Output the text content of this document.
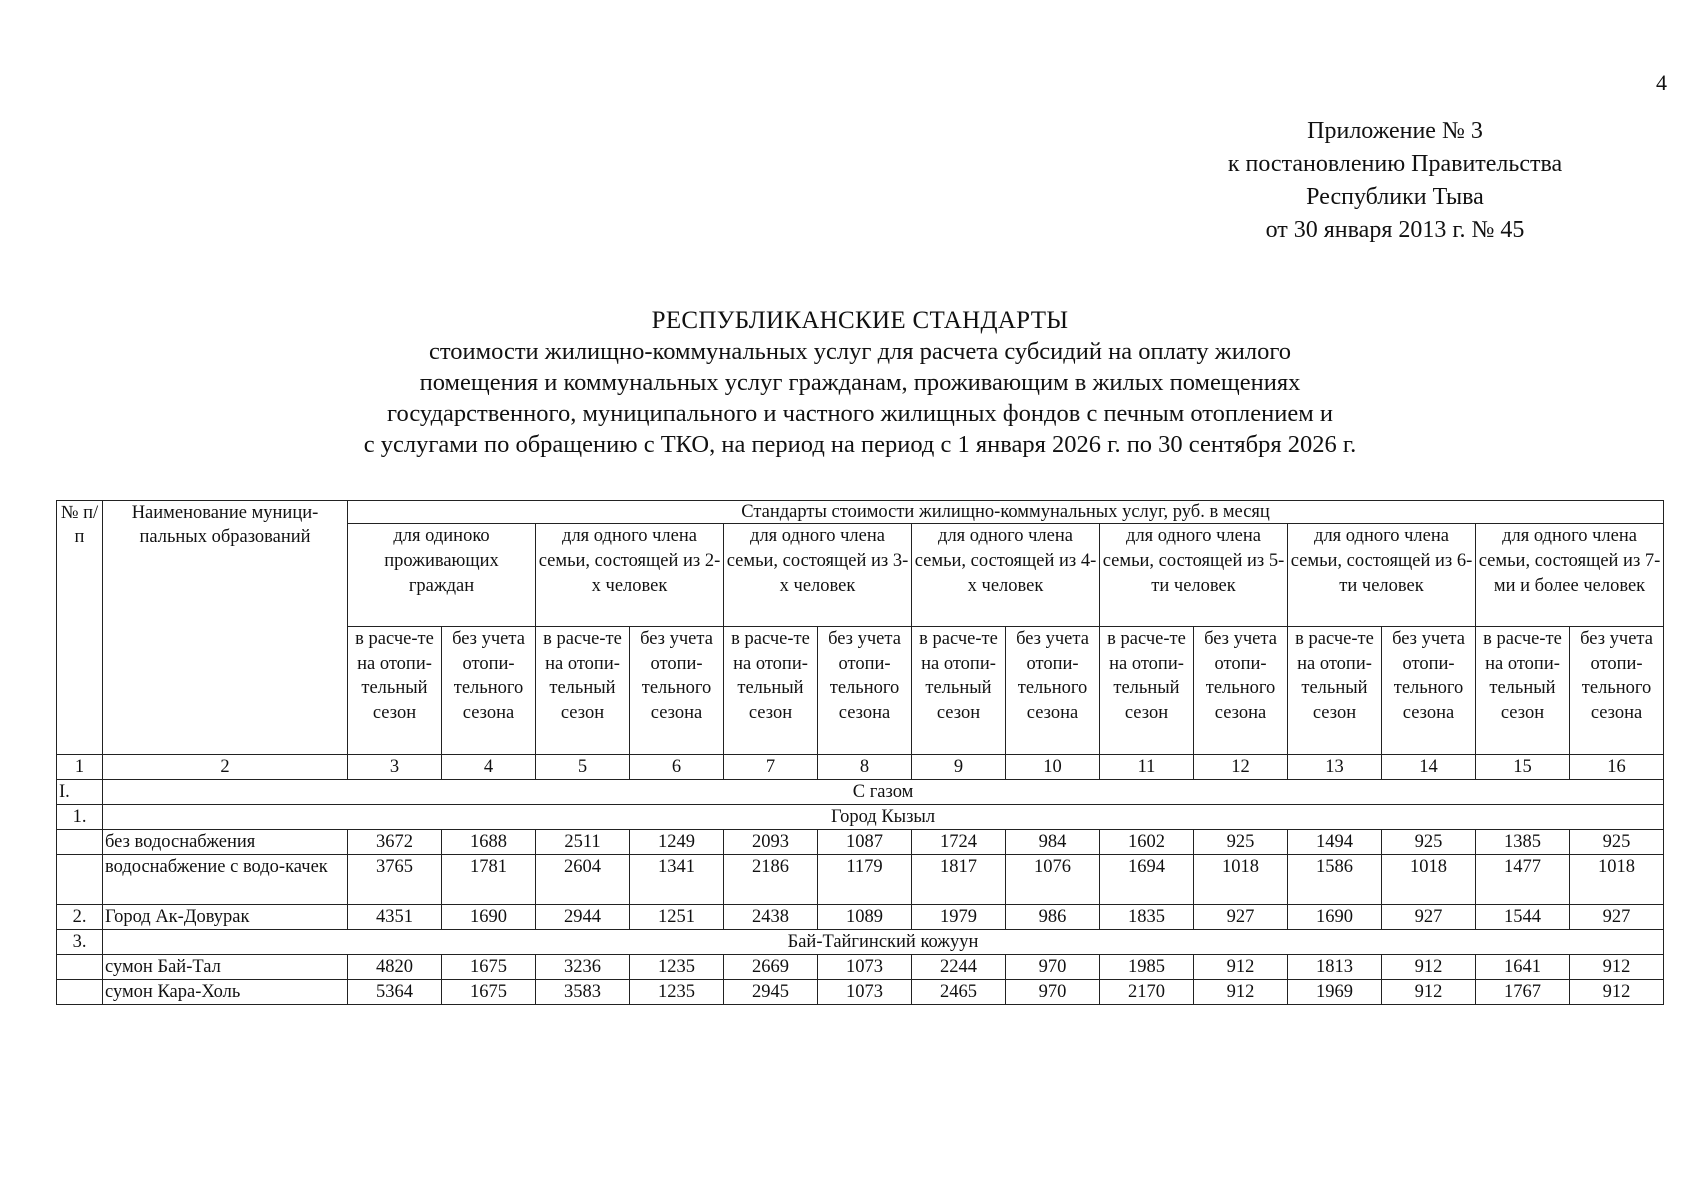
4
Приложение № 3
к постановлению Правительства
Республики Тыва
от 30 января 2013 г. № 45
РЕСПУБЛИКАНСКИЕ СТАНДАРТЫ
стоимости жилищно-коммунальных услуг для расчета субсидий на оплату жилого
помещения и коммунальных услуг гражданам, проживающим в жилых помещениях
государственного, муниципального и частного жилищных фондов с печным отоплением и
с услугами по обращению с ТКО, на период на период с 1 января 2026 г. по 30 сентября 2026 г.
№ п/п	Наименование муници-пальных образований	Стандарты стоимости жилищно-коммунальных услуг, руб. в месяц													
		для одиноко проживающих граждан		для одного члена семьи, состоящей из 2-х человек		для одного члена семьи, состоящей из 3-х человек		для одного члена семьи, состоящей из 4-х человек		для одного члена семьи, состоящей из 5-ти человек		для одного члена семьи, состоящей из 6-ти человек		для одного члена семьи, состоящей из 7-ми и более человек	
		в расче-те на отопи-тельный сезон	без учета отопи-тельного сезона	в расче-те на отопи-тельный сезон	без учета отопи-тельного сезона	в расче-те на отопи-тельный сезон	без учета отопи-тельного сезона	в расче-те на отопи-тельный сезон	без учета отопи-тельного сезона	в расче-те на отопи-тельный сезон	без учета отопи-тельного сезона	в расче-те на отопи-тельный сезон	без учета отопи-тельного сезона	в расче-те на отопи-тельный сезон	без учета отопи-тельного сезона
1	2	3	4	5	6	7	8	9	10	11	12	13	14	15	16
I.	С газом														
1.	Город Кызыл														
	без водоснабжения	3672	1688	2511	1249	2093	1087	1724	984	1602	925	1494	925	1385	925
	водоснабжение с водо-качек	3765	1781	2604	1341	2186	1179	1817	1076	1694	1018	1586	1018	1477	1018
2.	Город Ак-Довурак	4351	1690	2944	1251	2438	1089	1979	986	1835	927	1690	927	1544	927
3.	Бай-Тайгинский кожуун														
	сумон Бай-Тал	4820	1675	3236	1235	2669	1073	2244	970	1985	912	1813	912	1641	912
	сумон Кара-Холь	5364	1675	3583	1235	2945	1073	2465	970	2170	912	1969	912	1767	912
